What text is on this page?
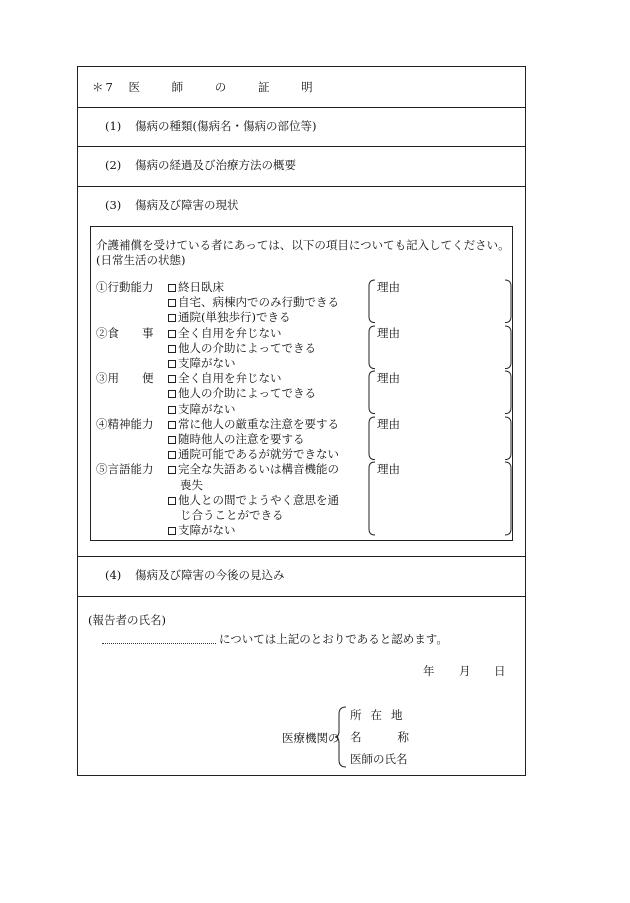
＊7 医 師 の 証 明
(1) 傷病の種類(傷病名・傷病の部位等)
(2) 傷病の経過及び治療方法の概要
(3) 傷病及び障害の現状
介護補償を受けている者にあっては、以下の項目についても記入してください。
(日常生活の状態)
①行動能力	終日臥床
自宅、病棟内でのみ行動できる
通院(単独歩行)できる
理由
②食　　事	全く自用を弁じない
他人の介助によってできる
支障がない
理由
③用　　便	全く自用を弁じない
他人の介助によってできる
支障がない
理由
④精神能力	常に他人の厳重な注意を要する
随時他人の注意を要する
通院可能であるが就労できない
理由
⑤言語能力	完全な失語あるいは構音機能の
喪失
他人との間でようやく意思を通
じ合うことができる
支障がない
理由
(4) 傷病及び障害の今後の見込み
(報告者の氏名)
については上記のとおりであると認めます。
年 月 日
医療機関の
所在地
名	称
医師の氏名
